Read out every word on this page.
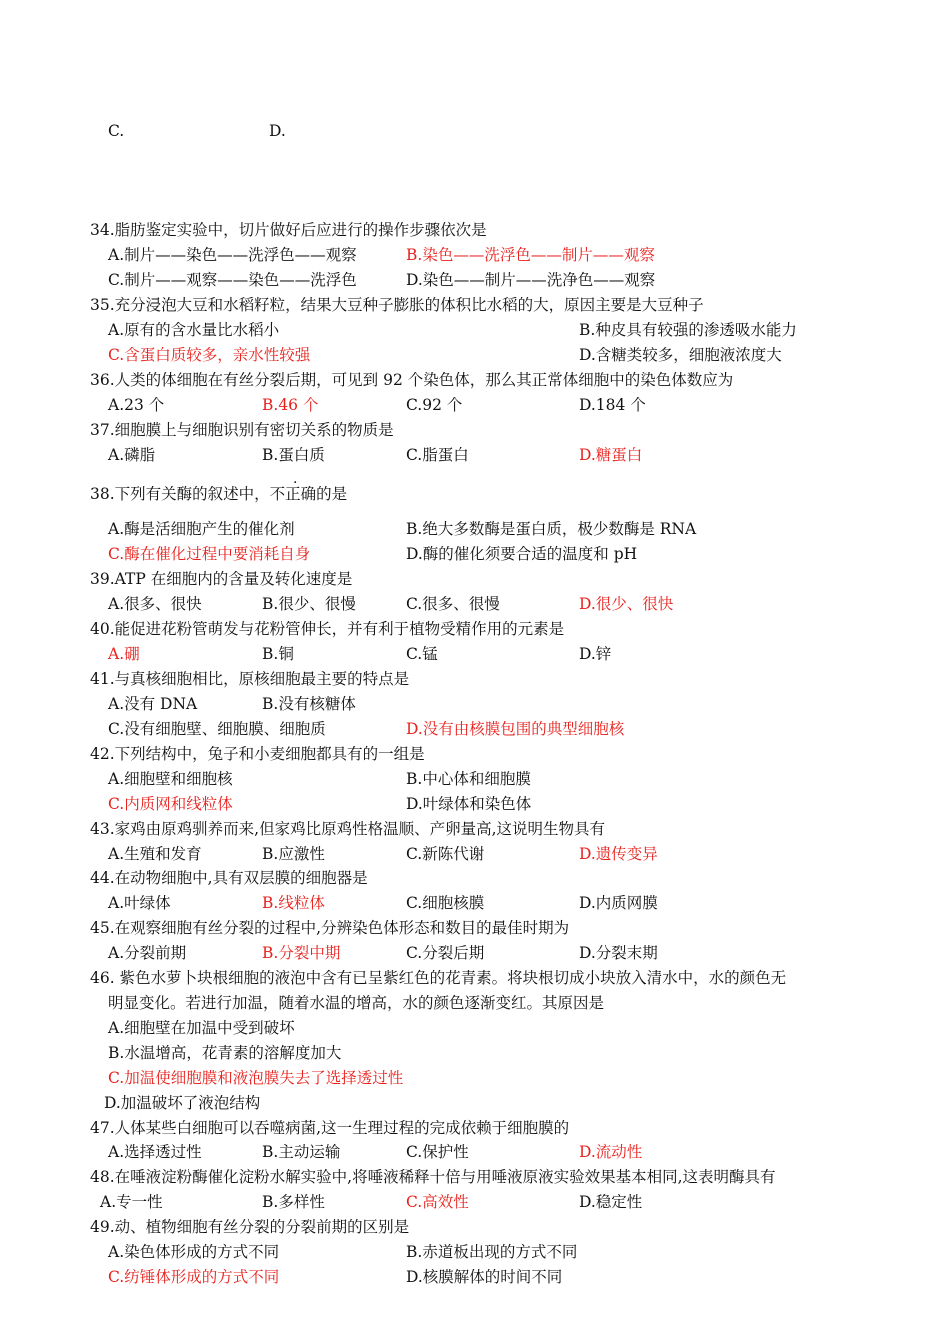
C.	D.
34.脂肪鉴定实验中，切片做好后应进行的操作步骤依次是
A.制片——染色——洗浮色——观察	B.染色——洗浮色——制片——观察
C.制片——观察——染色——洗浮色	D.染色——制片——洗净色——观察
35.充分浸泡大豆和水稻籽粒，结果大豆种子膨胀的体积比水稻的大，原因主要是大豆种子
A.原有的含水量比水稻小	B.种皮具有较强的渗透吸水能力
C.含蛋白质较多，亲水性较强	D.含糖类较多，细胞液浓度大
36.人类的体细胞在有丝分裂后期，可见到 92 个染色体，那么其正常体细胞中的染色体数应为
A.23 个	B.46 个	C.92 个	D.184 个
37.细胞膜上与细胞识别有密切关系的物质是
A.磷脂	B.蛋白质	C.脂蛋白	D.糖蛋白
.
38.下列有关酶的叙述中，不正确的是
A.酶是活细胞产生的催化剂	B.绝大多数酶是蛋白质，极少数酶是 RNA
C.酶在催化过程中要消耗自身	D.酶的催化须要合适的温度和 pH
39.ATP 在细胞内的含量及转化速度是
A.很多、很快	B.很少、很慢	C.很多、很慢	D.很少、很快
40.能促进花粉管萌发与花粉管伸长，并有利于植物受精作用的元素是
A.硼	B.铜	C.锰	D.锌
41.与真核细胞相比，原核细胞最主要的特点是
A.没有 DNA	B.没有核糖体
C.没有细胞壁、细胞膜、细胞质	D.没有由核膜包围的典型细胞核
42.下列结构中，兔子和小麦细胞都具有的一组是
A.细胞壁和细胞核	B.中心体和细胞膜
C.内质网和线粒体	D.叶绿体和染色体
43.家鸡由原鸡驯养而来,但家鸡比原鸡性格温顺、产卵量高,这说明生物具有
A.生殖和发育	B.应激性	C.新陈代谢	D.遗传变异
44.在动物细胞中,具有双层膜的细胞器是
A.叶绿体	B.线粒体	C.细胞核膜	D.内质网膜
45.在观察细胞有丝分裂的过程中,分辨染色体形态和数目的最佳时期为
A.分裂前期	B.分裂中期	C.分裂后期	D.分裂末期
46. 紫色水萝卜块根细胞的液泡中含有已呈紫红色的花青素。将块根切成小块放入清水中，水的颜色无
明显变化。若进行加温，随着水温的增高，水的颜色逐渐变红。其原因是
A.细胞壁在加温中受到破坏
B.水温增高，花青素的溶解度加大
C.加温使细胞膜和液泡膜失去了选择透过性
D.加温破坏了液泡结构
47.人体某些白细胞可以吞噬病菌,这一生理过程的完成依赖于细胞膜的
A.选择透过性	B.主动运输	C.保护性	D.流动性
48.在唾液淀粉酶催化淀粉水解实验中,将唾液稀释十倍与用唾液原液实验效果基本相同,这表明酶具有
A.专一性	B.多样性	C.高效性	D.稳定性
49.动、植物细胞有丝分裂的分裂前期的区别是
A.染色体形成的方式不同	B.赤道板出现的方式不同
C.纺锤体形成的方式不同	D.核膜解体的时间不同
